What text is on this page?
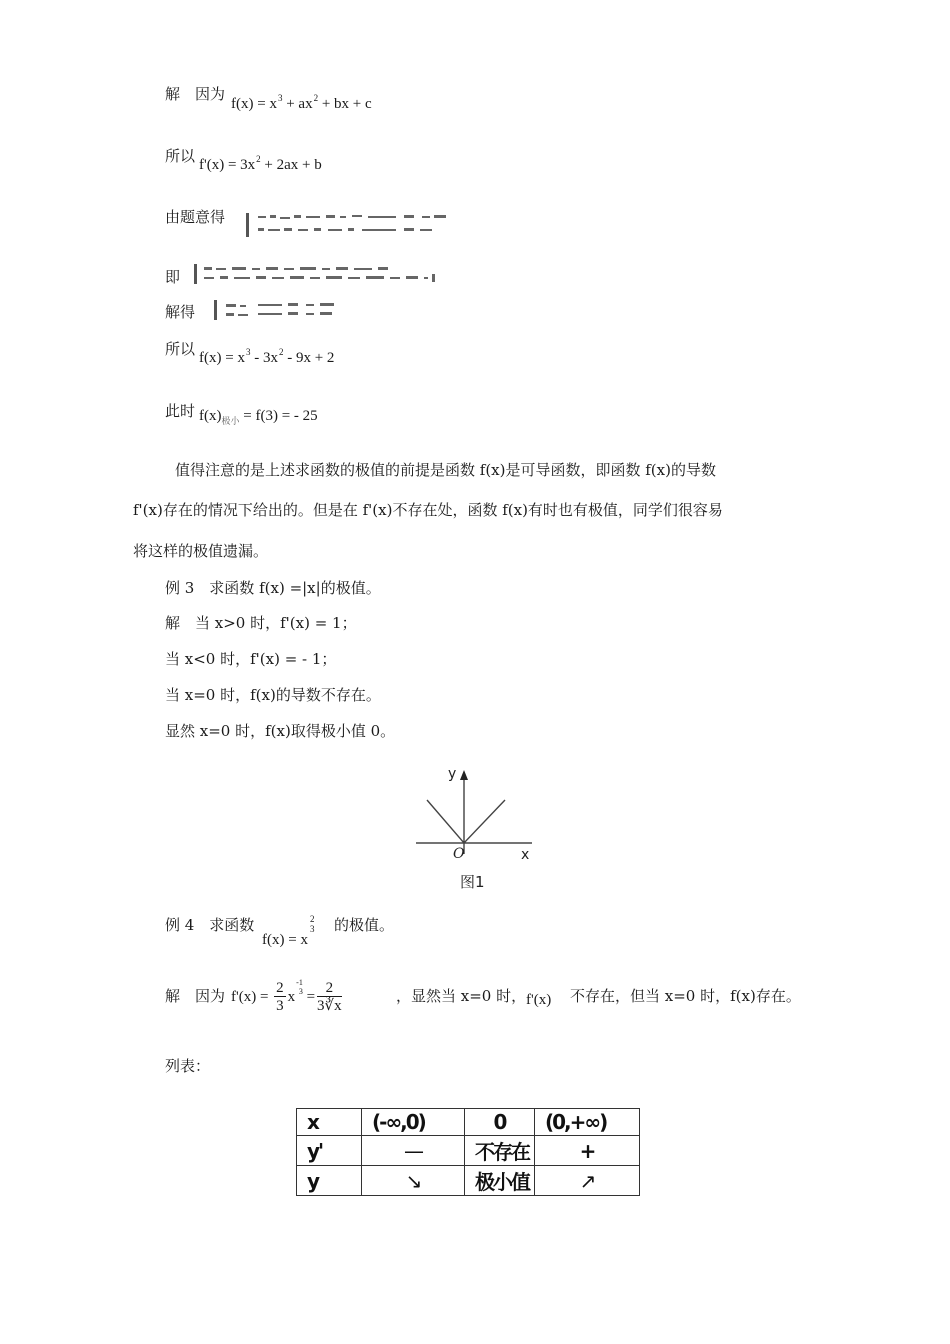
解　因为
$f(x) = x^3 + ax^2$ + bx + c
所以 $f'(x) = 3x^2 + 2ax + b$
由题意得
即
解得
所以 $f(x) = x^3 - 3x^2 - 9x + 2$
此时 $f(x)_{极小} = f(3)$ = - 25
值得注意的是上述求函数的极值的前提是函数 f(x)是可导函数，即函数 f(x)的导数
f'(x)存在的情况下给出的。但是在 f'(x)不存在处，函数 f(x)有时也有极值，同学们很容易
将这样的极值遗漏。
例 3　求函数 f(x) =|x|的极值。
解　当 x>0 时，f'(x) = 1；
当 x<0 时，f'(x) = - 1；
当 x=0 时，f(x)的导数不存在。
显然 x=0 时，f(x)取得极小值 0。
y
x
O
图1
例 4　求函数
f(x) = x
2
3 的极值。
解　因为 $f'(x) = \frac{2}{3} x-$ 1
$3 = \frac{2}{3∛x}$	，显然当 x=0 时， f'(x) 不存在，但当 x=0 时，f(x)存在。
列表：
x	(-∞,0)	0	(0,+∞)
y'	—	不存在	+
y	↘	极小值	↗
